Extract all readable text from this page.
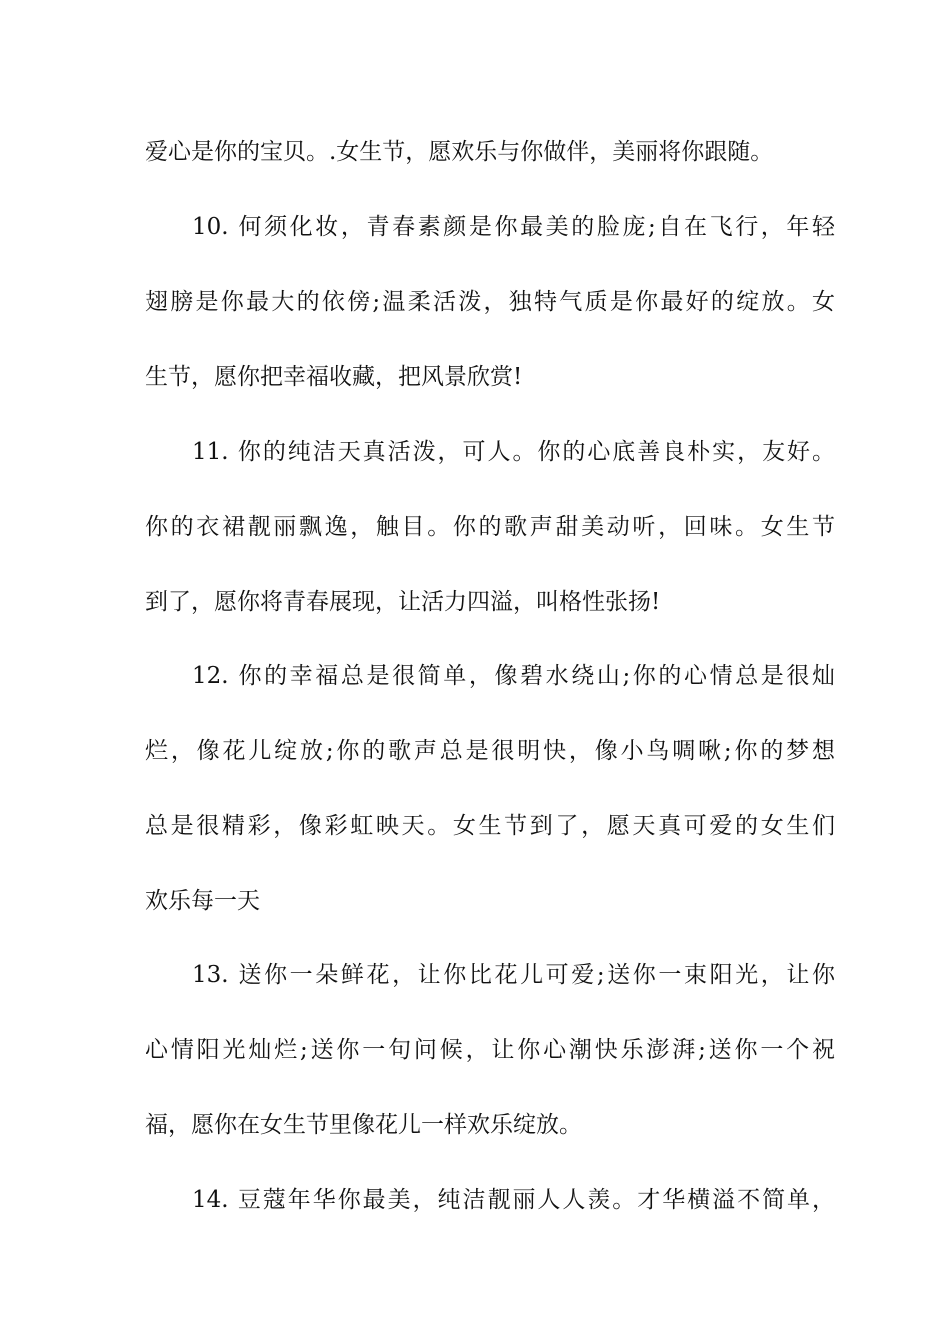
爱心是你的宝贝。.女生节，愿欢乐与你做伴，美丽将你跟随。
10. 何须化妆，青春素颜是你最美的脸庞;自在飞行，年轻
翅膀是你最大的依傍;温柔活泼，独特气质是你最好的绽放。女
生节，愿你把幸福收藏，把风景欣赏!
11. 你的纯洁天真活泼，可人。你的心底善良朴实，友好。
你的衣裙靓丽飘逸，触目。你的歌声甜美动听，回味。女生节
到了，愿你将青春展现，让活力四溢，叫格性张扬!
12. 你的幸福总是很简单，像碧水绕山;你的心情总是很灿
烂，像花儿绽放;你的歌声总是很明快，像小鸟啁啾;你的梦想
总是很精彩，像彩虹映天。女生节到了，愿天真可爱的女生们
欢乐每一天
13. 送你一朵鲜花，让你比花儿可爱;送你一束阳光，让你
心情阳光灿烂;送你一句问候，让你心潮快乐澎湃;送你一个祝
福，愿你在女生节里像花儿一样欢乐绽放。
14. 豆蔻年华你最美，纯洁靓丽人人羡。才华横溢不简单，
